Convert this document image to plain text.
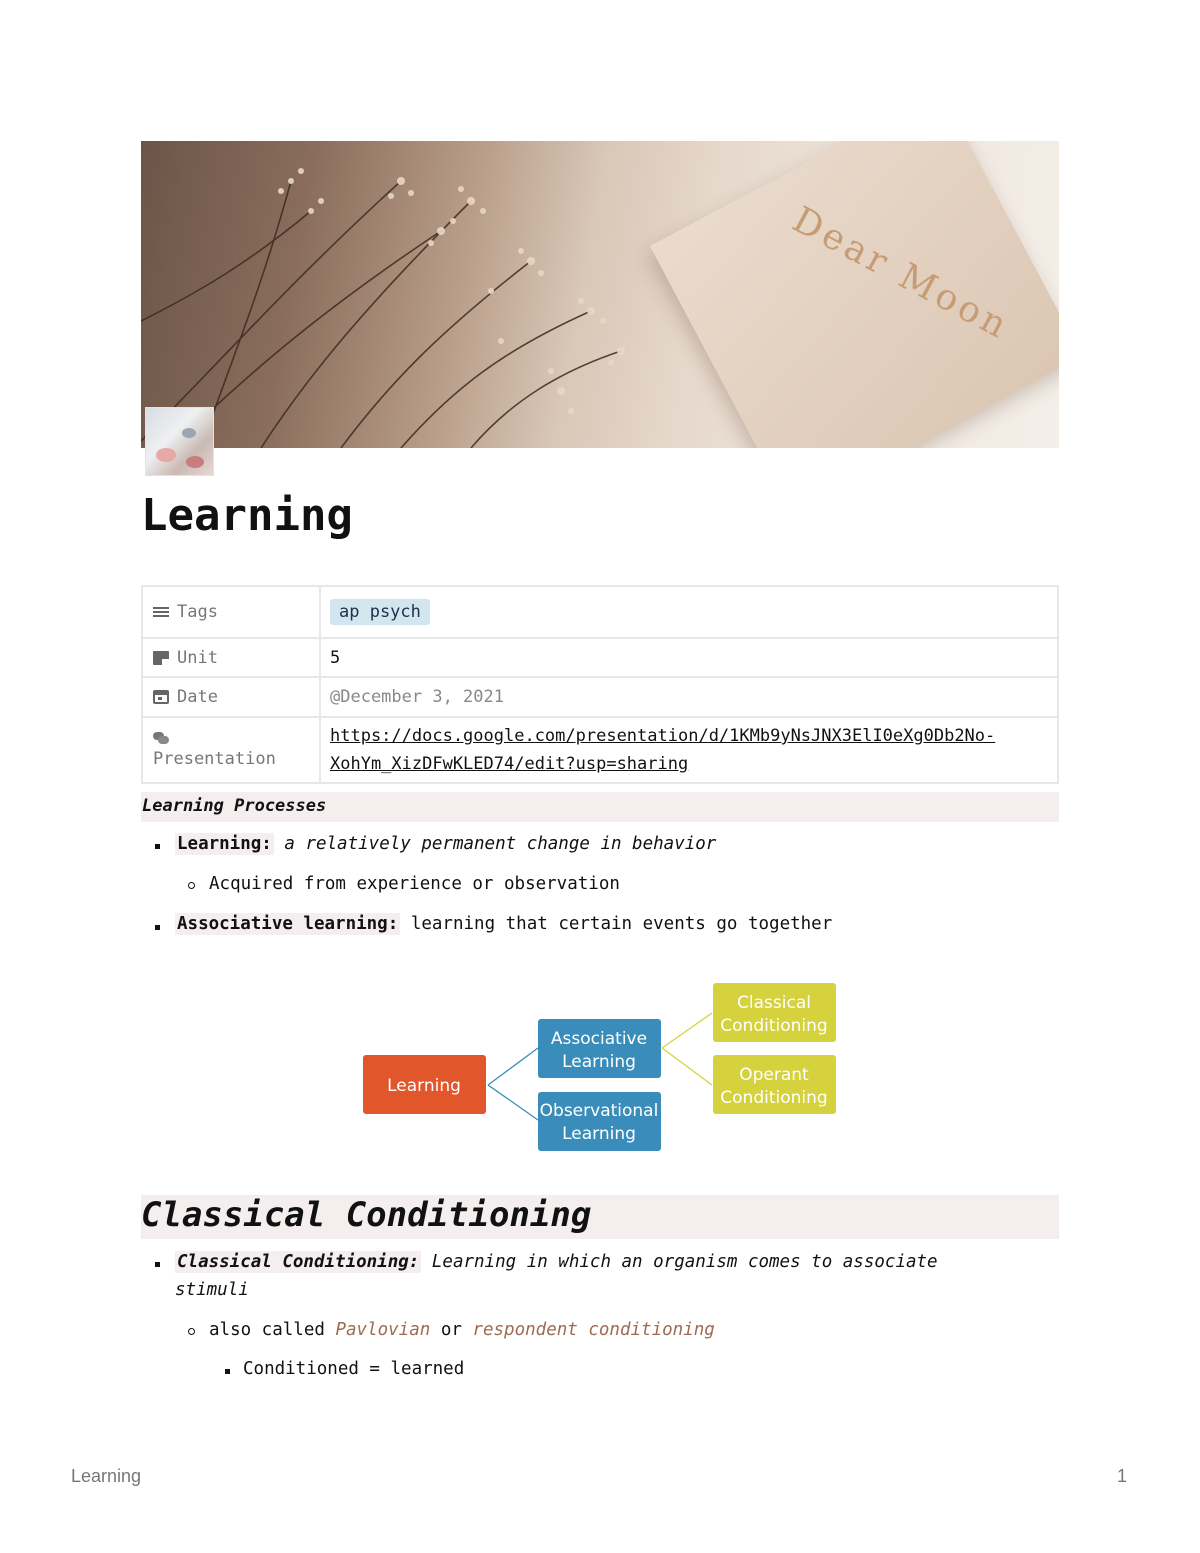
Dear Moon
Learning
Tags	ap psych

Unit	5

Date	@December 3, 2021

Presentation	https://docs.google.com/presentation/d/1KMb9yNsJNX3ElI0eXg0Db2No-
XohYm_XizDFwKLED74/edit?usp=sharing
Learning Processes
Learning: a relatively permanent change in behavior
Acquired from experience or observation
Associative learning: learning that certain events go together
Learning
Associative
Learning
Observational
Learning
Classical
Conditioning
Operant
Conditioning
Classical Conditioning
Classical Conditioning: Learning in which an organism comes to associate
stimuli
also called Pavlovian or respondent conditioning
Conditioned = learned
Learning	1
